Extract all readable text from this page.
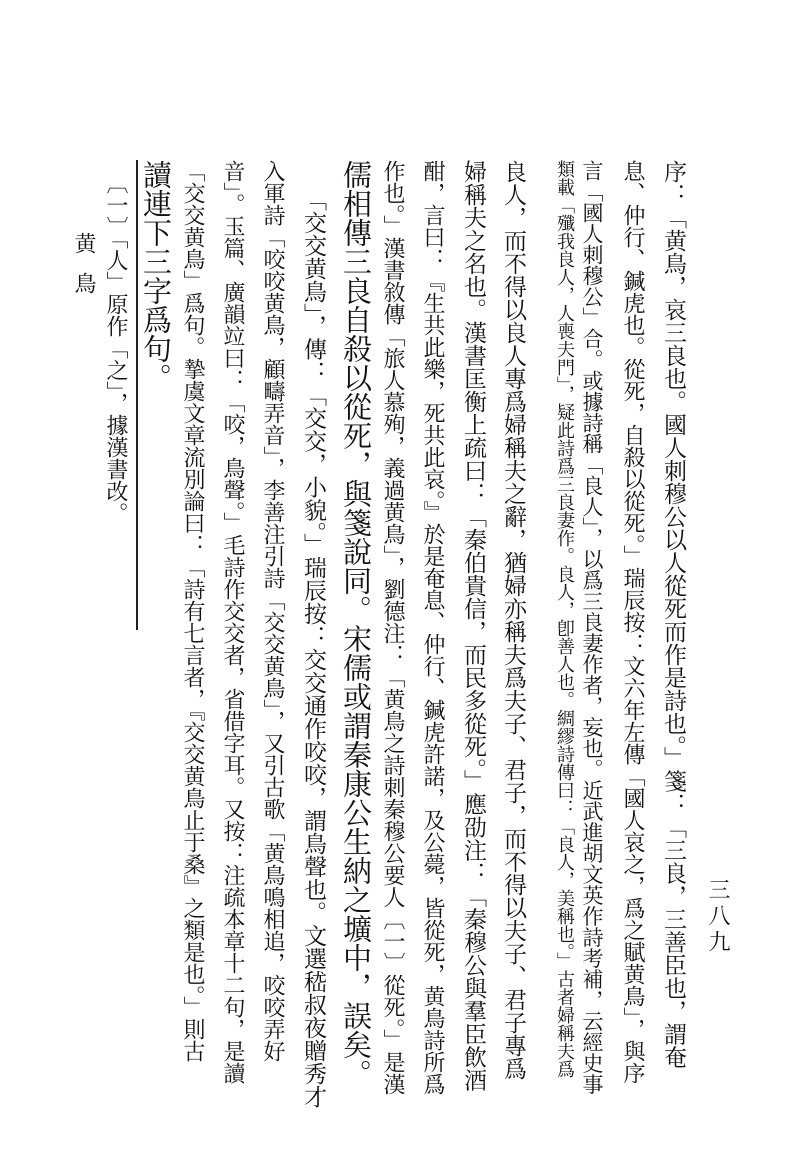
三八九
序：「黄鳥，哀三良也。國人刺穆公以人從死而作是詩也。」箋：「三良，三善臣也，謂奄
息、仲行、鍼虎也。從死，自殺以從死。」瑞辰按：文六年左傳「國人哀之，爲之賦黄鳥」，與序
言「國人刺穆公」合。或據詩稱「良人」，以爲三良妻作者，妄也。近武進胡文英作詩考補，云經史事
類載「殲我良人，人喪夫門」，疑此詩爲三良妻作。良人，卽善人也。綢繆詩傳曰：「良人，美稱也。」古者婦稱夫爲
良人，而不得以良人專爲婦稱夫之辭，猶婦亦稱夫爲夫子、君子，而不得以夫子、君子專爲
婦稱夫之名也。漢書匡衡上疏曰：「秦伯貴信，而民多從死。」應劭注：「秦穆公與羣臣飲酒
酣，言曰：『生共此樂，死共此哀。』於是奄息、仲行、鍼虎許諾，及公薨，皆從死，黄鳥詩所爲
作也。」漢書敘傳「旅人慕殉，義過黄鳥」，劉德注：「黄鳥之詩刺秦穆公要人〔一〕從死。」是漢
儒相傳三良自殺以從死，與箋說同。宋儒或謂秦康公生納之壙中，誤矣。
「交交黄鳥」，傳：「交交，小貌。」瑞辰按：交交通作咬咬，謂鳥聲也。文選嵇叔夜贈秀才
入軍詩「咬咬黄鳥，顧疇弄音」，李善注引詩「交交黄鳥」，又引古歌「黄鳥鳴相追，咬咬弄好
音」。玉篇、廣韻竝曰：「咬，鳥聲。」毛詩作交交者，省借字耳。又按：注疏本章十二句，是讀
「交交黄鳥」爲句。摯虞文章流別論曰：「詩有七言者，『交交黄鳥止于桑』之類是也。」則古
讀連下三字爲句。
〔一〕「人」原作「之」，據漢書改。
黄鳥
